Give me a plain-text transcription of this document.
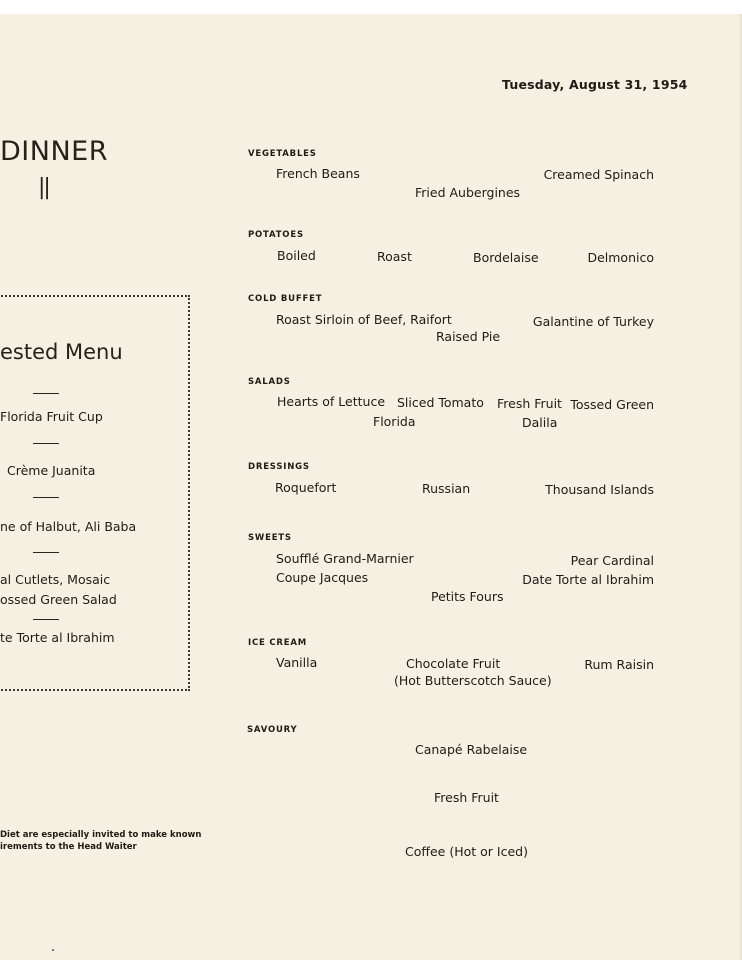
Tuesday, August 31, 1954
DINNER
||
ested Menu
Florida Fruit Cup
Crème Juanita
ne of Halbut, Ali Baba
al Cutlets, Mosaic
ossed Green Salad
te Torte al Ibrahim
Diet are especially invited to make known
irements to the Head Waiter
VEGETABLES
French Beans	Creamed Spinach
Fried Aubergines
POTATOES
Boiled	Roast	Bordelaise	Delmonico
COLD BUFFET
Roast Sirloin of Beef, Raifort	Galantine of Turkey
Raised Pie
SALADS
Hearts of Lettuce Sliced Tomato Fresh Fruit Tossed Green
Florida	Dalila
DRESSINGS
Roquefort	Russian	Thousand Islands
SWEETS
Soufflé Grand-Marnier	Pear Cardinal
Coupe Jacques	Date Torte al Ibrahim
Petits Fours
ICE CREAM
Vanilla	Chocolate Fruit	Rum Raisin
(Hot Butterscotch Sauce)
SAVOURY
Canapé Rabelaise
Fresh Fruit
Coffee (Hot or Iced)
